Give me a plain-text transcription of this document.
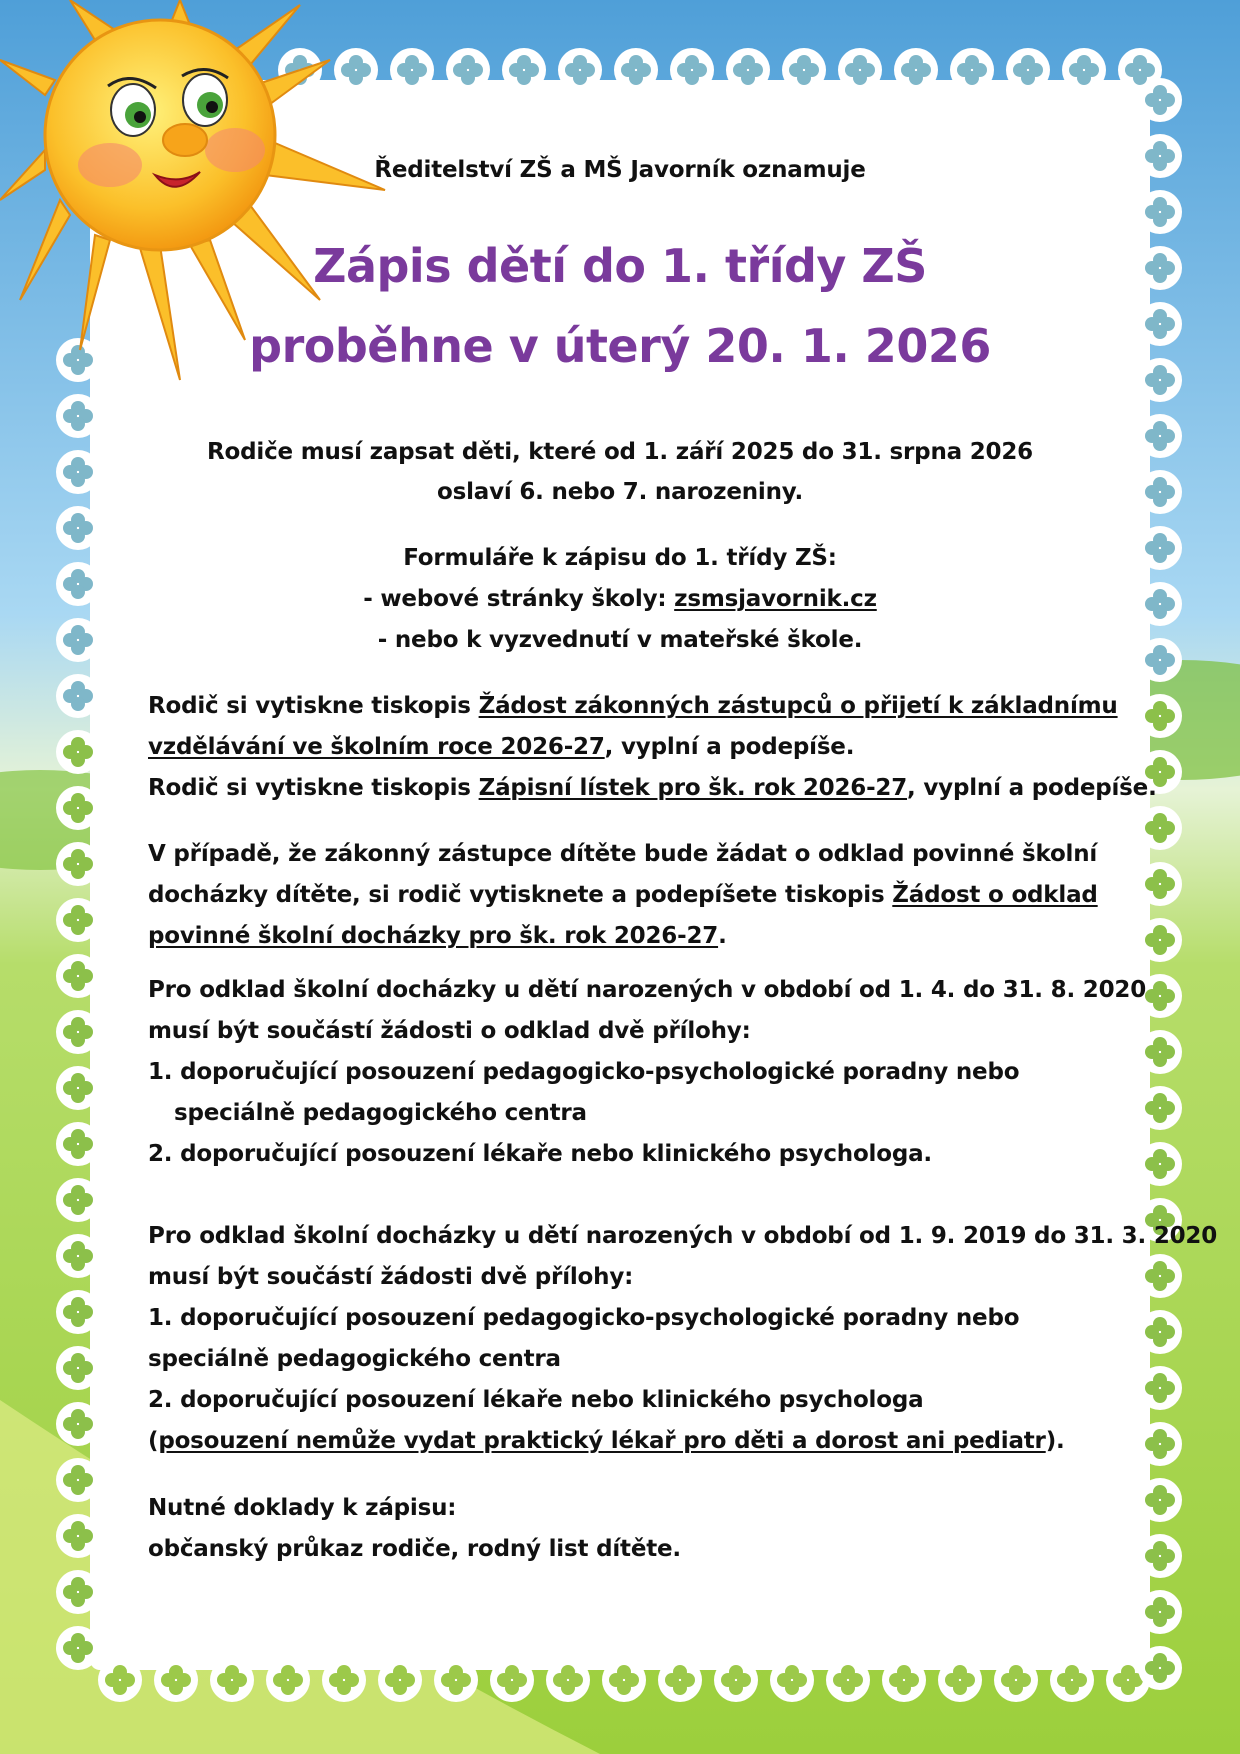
Ředitelství ZŠ a MŠ Javorník oznamuje
Zápis dětí do 1. třídy ZŠ
proběhne v úterý 20. 1. 2026
Rodiče musí zapsat děti, které od 1. září 2025 do 31. srpna 2026
oslaví 6. nebo 7. narozeniny.
Formuláře k zápisu do 1. třídy ZŠ:
- webové stránky školy: zsmsjavornik.cz
- nebo k vyzvednutí v mateřské škole.
Rodič si vytiskne tiskopis Žádost zákonných zástupců o přijetí k základnímu
vzdělávání ve školním roce 2026-27, vyplní a podepíše.
Rodič si vytiskne tiskopis Zápisní lístek pro šk. rok 2026-27, vyplní a podepíše.
V případě, že zákonný zástupce dítěte bude žádat o odklad povinné školní
docházky dítěte, si rodič vytisknete a podepíšete tiskopis Žádost o odklad
povinné školní docházky pro šk. rok 2026-27.
Pro odklad školní docházky u dětí narozených v období od 1. 4. do 31. 8. 2020
musí být součástí žádosti o odklad dvě přílohy:
1. doporučující posouzení pedagogicko-psychologické poradny nebo
speciálně pedagogického centra
2. doporučující posouzení lékaře nebo klinického psychologa.
Pro odklad školní docházky u dětí narozených v období od 1. 9. 2019 do 31. 3. 2020
musí být součástí žádosti dvě přílohy:
1. doporučující posouzení pedagogicko-psychologické poradny nebo
speciálně pedagogického centra
2. doporučující posouzení lékaře nebo klinického psychologa
(posouzení nemůže vydat praktický lékař pro děti a dorost ani pediatr).
Nutné doklady k zápisu:
občanský průkaz rodiče, rodný list dítěte.
